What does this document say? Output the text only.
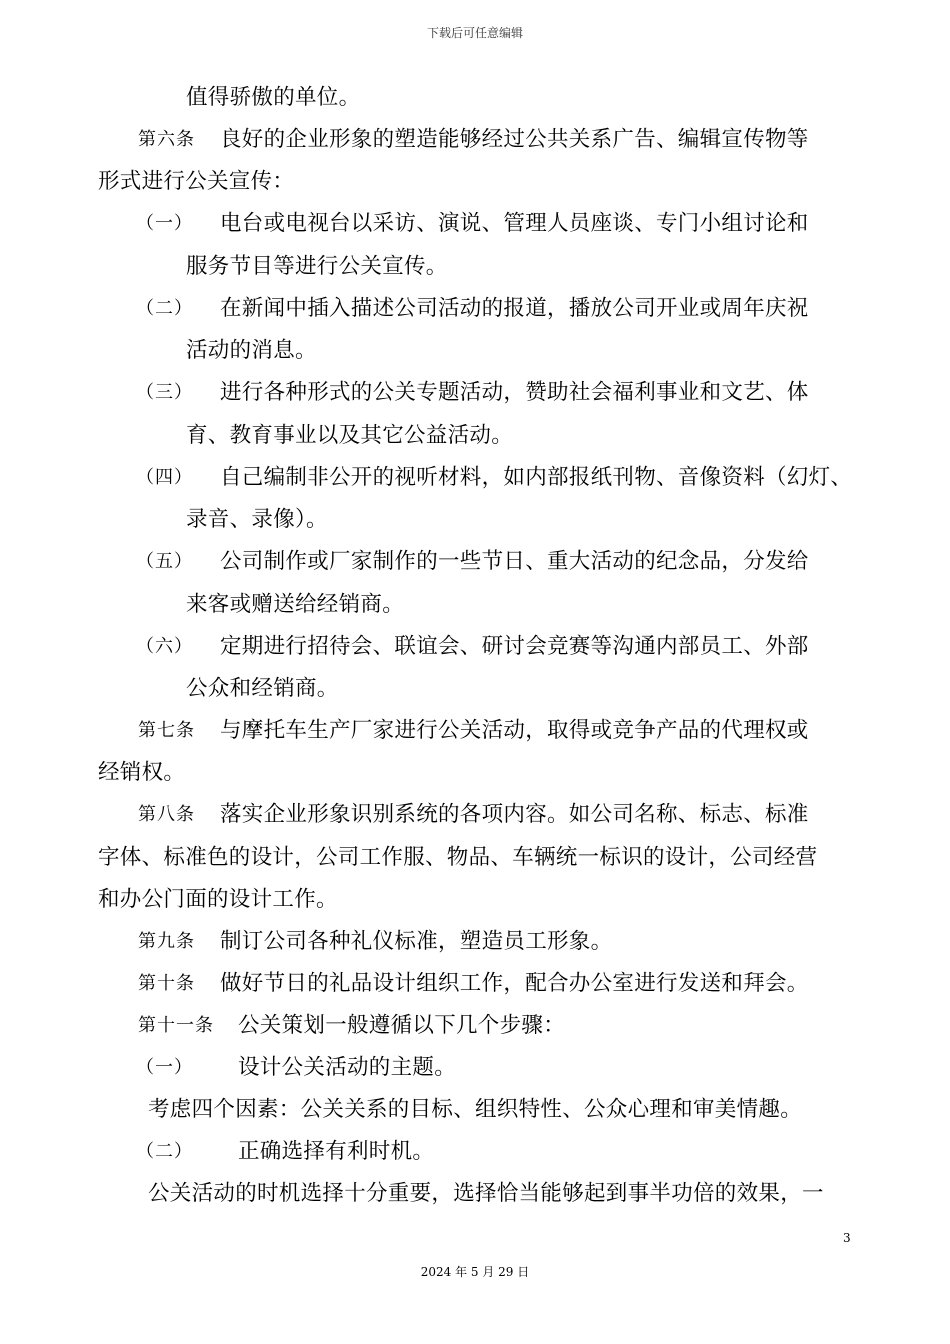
下载后可任意编辑
值得骄傲的单位。
第六条 良好的企业形象的塑造能够经过公共关系广告、编辑宣传物等
形式进行公关宣传：
（一） 电台或电视台以采访、演说、管理人员座谈、专门小组讨论和
服务节目等进行公关宣传。
（二） 在新闻中插入描述公司活动的报道，播放公司开业或周年庆祝
活动的消息。
（三） 进行各种形式的公关专题活动，赞助社会福利事业和文艺、体
育、教育事业以及其它公益活动。
（四） 自己编制非公开的视听材料，如内部报纸刊物、音像资料（幻灯、
录音、录像）。
（五） 公司制作或厂家制作的一些节日、重大活动的纪念品，分发给
来客或赠送给经销商。
（六） 定期进行招待会、联谊会、研讨会竞赛等沟通内部员工、外部
公众和经销商。
第七条 与摩托车生产厂家进行公关活动，取得或竞争产品的代理权或
经销权。
第八条 落实企业形象识别系统的各项内容。如公司名称、标志、标准
字体、标准色的设计，公司工作服、物品、车辆统一标识的设计，公司经营
和办公门面的设计工作。
第九条 制订公司各种礼仪标准，塑造员工形象。
第十条 做好节日的礼品设计组织工作，配合办公室进行发送和拜会。
第十一条 公关策划一般遵循以下几个步骤：
（一） 设计公关活动的主题。
考虑四个因素：公关关系的目标、组织特性、公众心理和审美情趣。
（二） 正确选择有利时机。
公关活动的时机选择十分重要，选择恰当能够起到事半功倍的效果，一
3
2024 年 5 月 29 日
